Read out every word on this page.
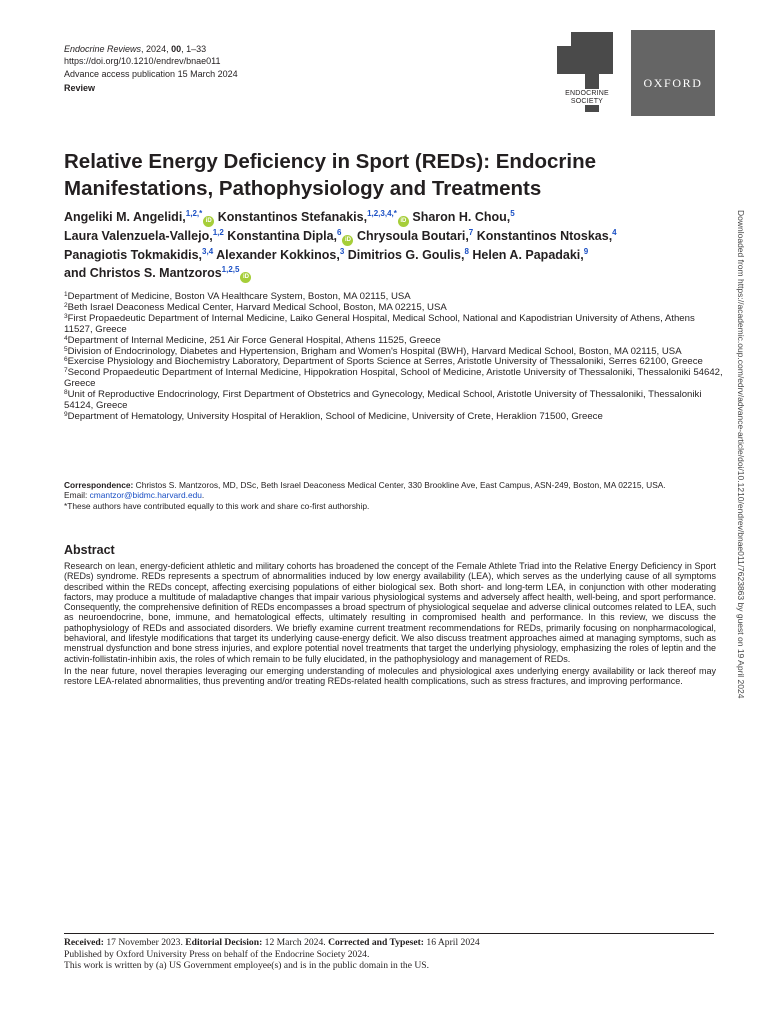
Endocrine Reviews, 2024, 00, 1–33
https://doi.org/10.1210/endrev/bnae011
Advance access publication 15 March 2024
Review
ENDOCRINE SOCIETY
OXFORD
Downloaded from https://academic.oup.com/edrv/advance-article/doi/10.1210/endrev/bnae011/7623863 by guest on 19 April 2024
Relative Energy Deficiency in Sport (REDs): Endocrine Manifestations, Pathophysiology and Treatments
Angeliki M. Angelidi,$^{1,2,*}$iD Konstantinos Stefanakis,$^{1,2,3,4,*}$iD Sharon H. Chou,$^5$
Laura Valenzuela-Vallejo,$^{1,2}$ Konstantina Dipla,$^6$iD Chrysoula Boutari,$^7$ Konstantinos Ntoskas,$^4$
Panagiotis Tokmakidis,$^{3,4}$ Alexander Kokkinos,$^3$ Dimitrios G. Goulis,$^8$ Helen A. Papadaki,$^9$
and Christos S. Mantzoros$^{1,2,5}$iD
$^1$Department of Medicine, Boston VA Healthcare System, Boston, MA 02115, USA
$^2$Beth Israel Deaconess Medical Center, Harvard Medical School, Boston, MA 02215, USA
$^3$First Propaedeutic Department of Internal Medicine, Laiko General Hospital, Medical School, National and Kapodistrian University of Athens, Athens 11527, Greece
$^4$Department of Internal Medicine, 251 Air Force General Hospital, Athens 11525, Greece
$^5$Division of Endocrinology, Diabetes and Hypertension, Brigham and Women's Hospital (BWH), Harvard Medical School, Boston, MA 02115, USA
$^6$Exercise Physiology and Biochemistry Laboratory, Department of Sports Science at Serres, Aristotle University of Thessaloniki, Serres 62100, Greece
$^7$Second Propaedeutic Department of Internal Medicine, Hippokration Hospital, School of Medicine, Aristotle University of Thessaloniki, Thessaloniki 54642, Greece
$^8$Unit of Reproductive Endocrinology, First Department of Obstetrics and Gynecology, Medical School, Aristotle University of Thessaloniki, Thessaloniki 54124, Greece
$^9$Department of Hematology, University Hospital of Heraklion, School of Medicine, University of Crete, Heraklion 71500, Greece
Correspondence: Christos S. Mantzoros, MD, DSc, Beth Israel Deaconess Medical Center, 330 Brookline Ave, East Campus, ASN-249, Boston, MA 02215, USA.
Email: cmantzor@bidmc.harvard.edu.
*These authors have contributed equally to this work and share co-first authorship.
Abstract

Research on lean, energy-deficient athletic and military cohorts has broadened the concept of the Female Athlete Triad into the Relative Energy Deficiency in Sport (REDs) syndrome. REDs represents a spectrum of abnormalities induced by low energy availability (LEA), which serves as the underlying cause of all symptoms described within the REDs concept, affecting exercising populations of either biological sex. Both short- and long-term LEA, in conjunction with other moderating factors, may produce a multitude of maladaptive changes that impair various physiological systems and adversely affect health, well-being, and sport performance. Consequently, the comprehensive definition of REDs encompasses a broad spectrum of physiological sequelae and adverse clinical outcomes related to LEA, such as neuroendocrine, bone, immune, and hematological effects, ultimately resulting in compromised health and performance. In this review, we discuss the pathophysiology of REDs and associated disorders. We briefly examine current treatment recommendations for REDs, primarily focusing on nonpharmacological, behavioral, and lifestyle modifications that target its underlying cause-energy deficit. We also discuss treatment approaches aimed at managing symptoms, such as menstrual dysfunction and bone stress injuries, and explore potential novel treatments that target the underlying physiology, emphasizing the roles of leptin and the activin-follistatin-inhibin axis, the roles of which remain to be fully elucidated, in the pathophysiology and management of REDs.

In the near future, novel therapies leveraging our emerging understanding of molecules and physiological axes underlying energy availability or lack thereof may restore LEA-related abnormalities, thus preventing and/or treating REDs-related health complications, such as stress fractures, and improving performance.

Received: 17 November 2023. Editorial Decision: 12 March 2024. Corrected and Typeset: 16 April 2024
Published by Oxford University Press on behalf of the Endocrine Society 2024.
This work is written by (a) US Government employee(s) and is in the public domain in the US.
